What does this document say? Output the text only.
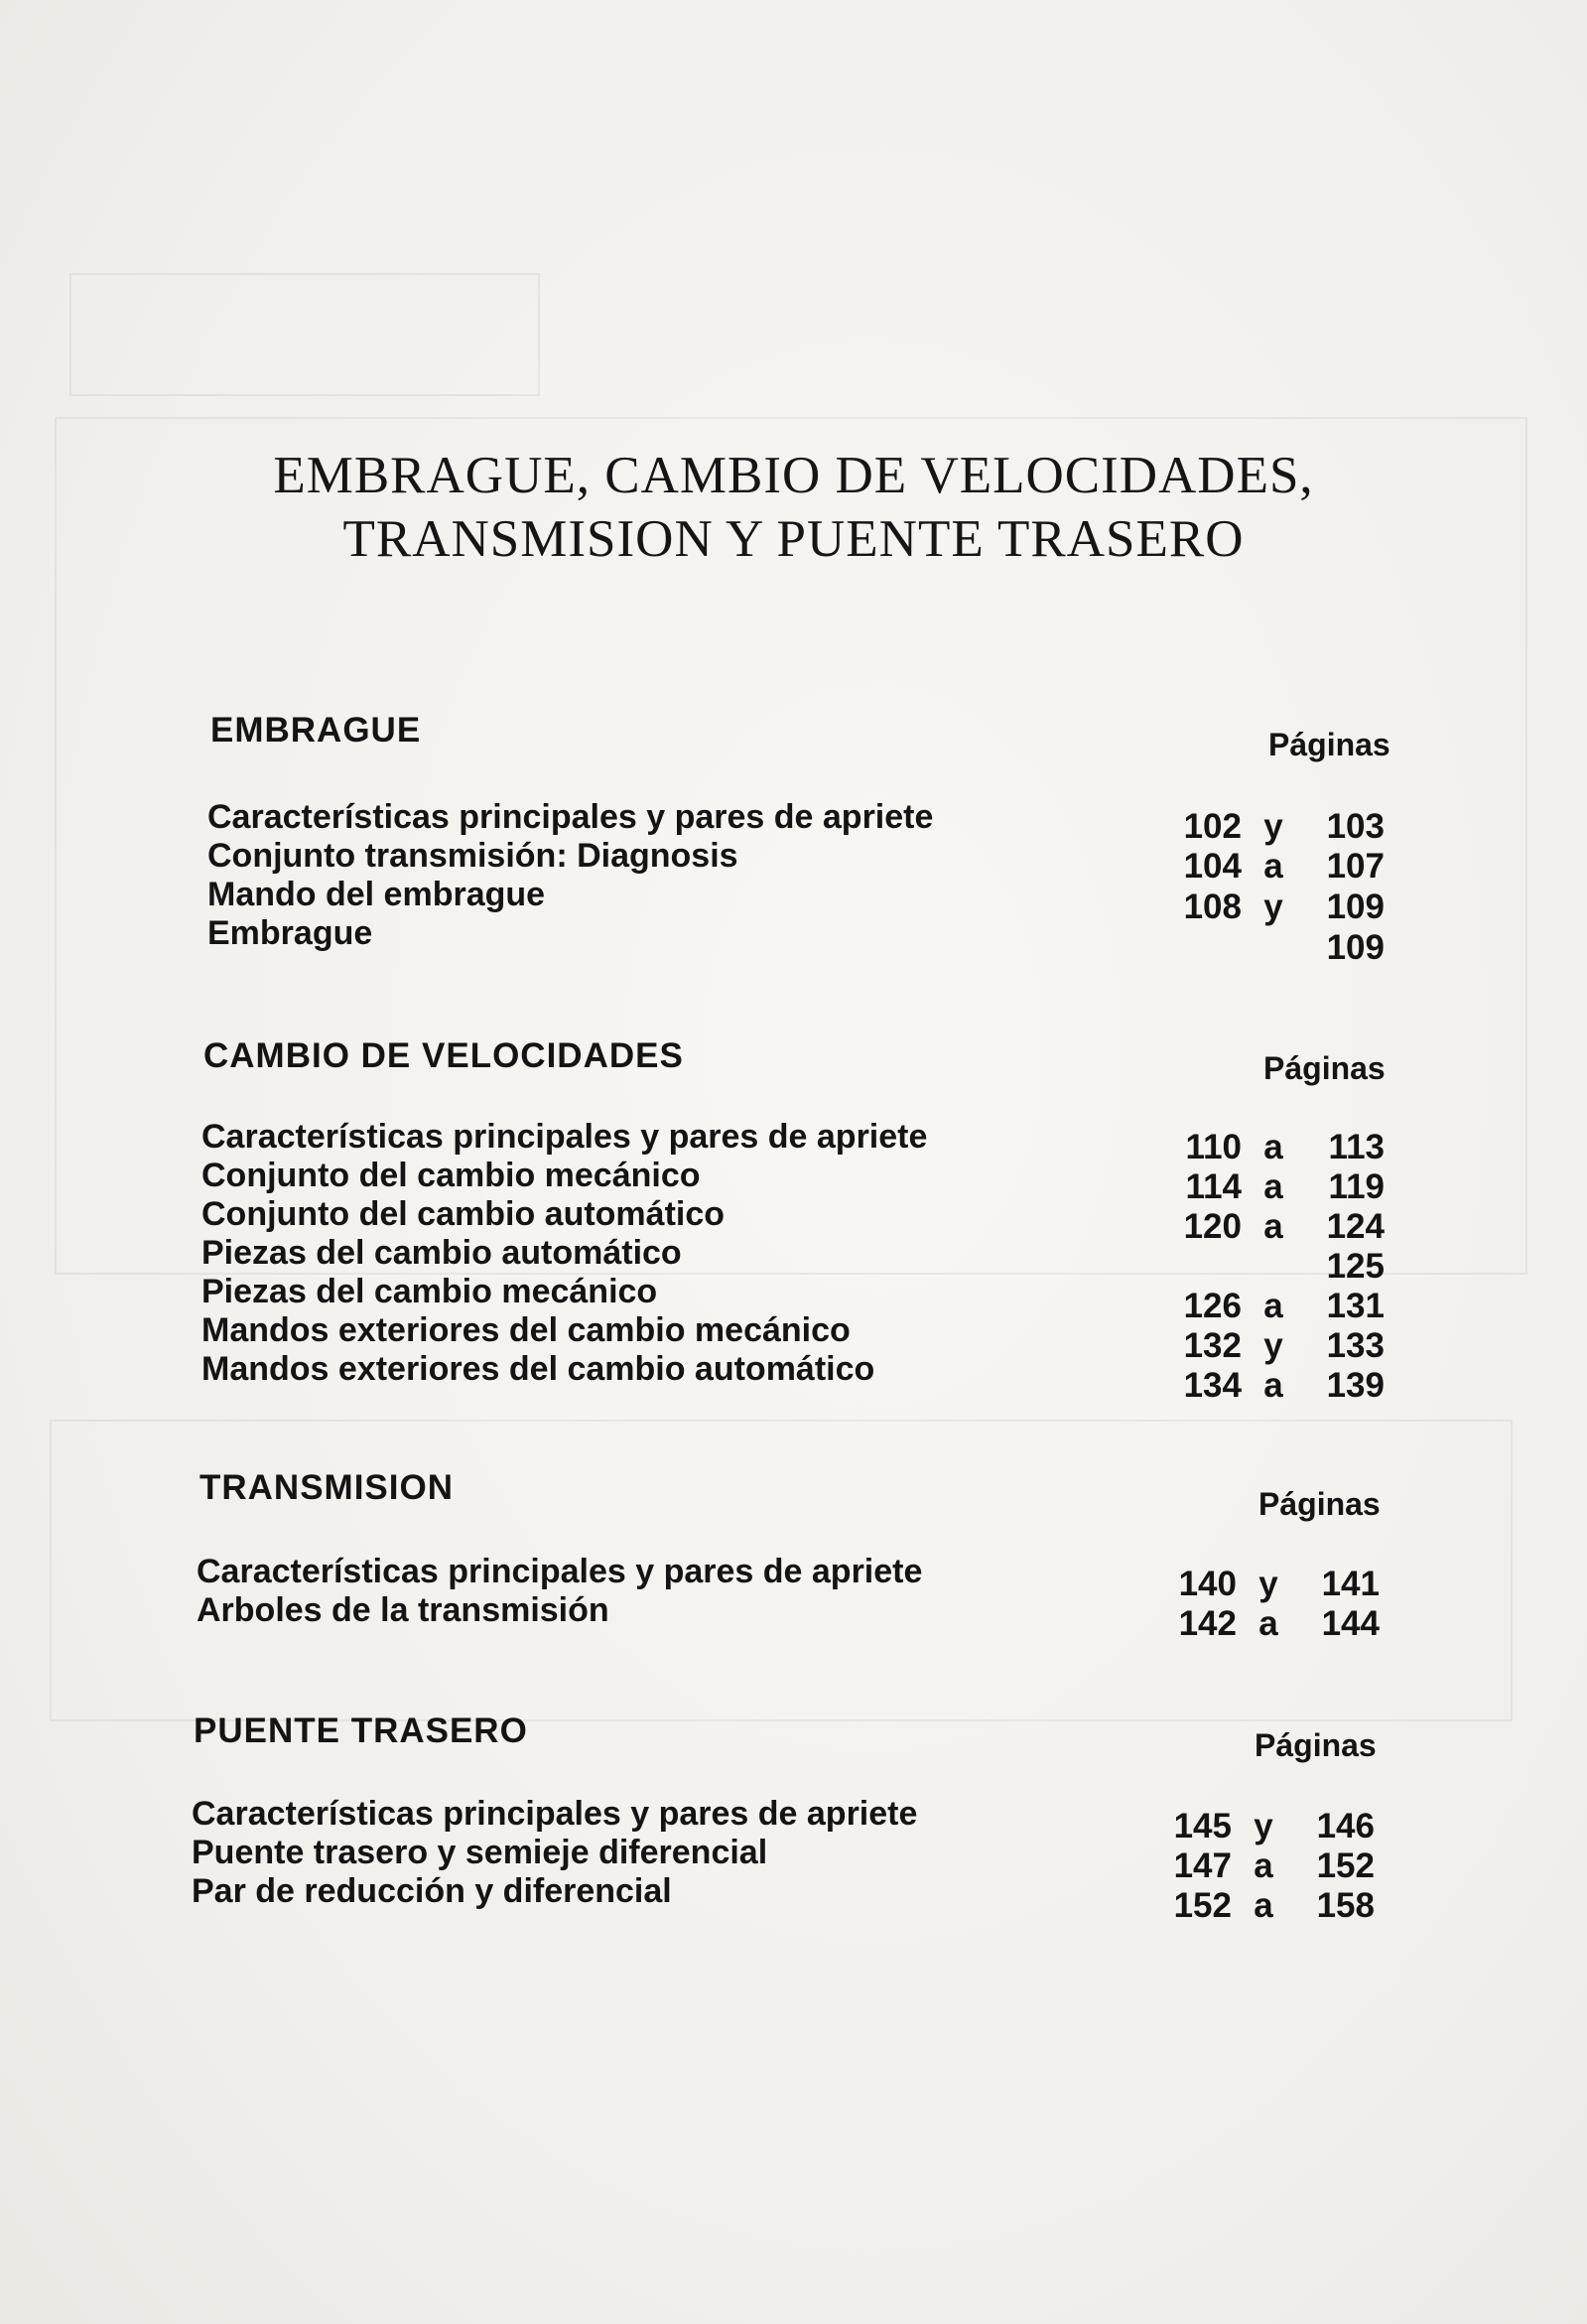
EMBRAGUE, CAMBIO DE VELOCIDADES,
TRANSMISION Y PUENTE TRASERO
EMBRAGUE	Páginas
Características principales y pares de apriete	102 y 103
Conjunto transmisión: Diagnosis	104 a 107
Mando del embrague	108 y 109
Embrague	109
CAMBIO DE VELOCIDADES	Páginas
Características principales y pares de apriete	110 a 113
Conjunto del cambio mecánico	114 a 119
Conjunto del cambio automático	120 a 124
Piezas del cambio automático	125
Piezas del cambio mecánico	126 a 131
Mandos exteriores del cambio mecánico	132 y 133
Mandos exteriores del cambio automático	134 a 139
TRANSMISION	Páginas
Características principales y pares de apriete	140 y 141
Arboles de la transmisión	142 a 144
PUENTE TRASERO	Páginas
Características principales y pares de apriete	145 y 146
Puente trasero y semieje diferencial	147 a 152
Par de reducción y diferencial	152 a 158
